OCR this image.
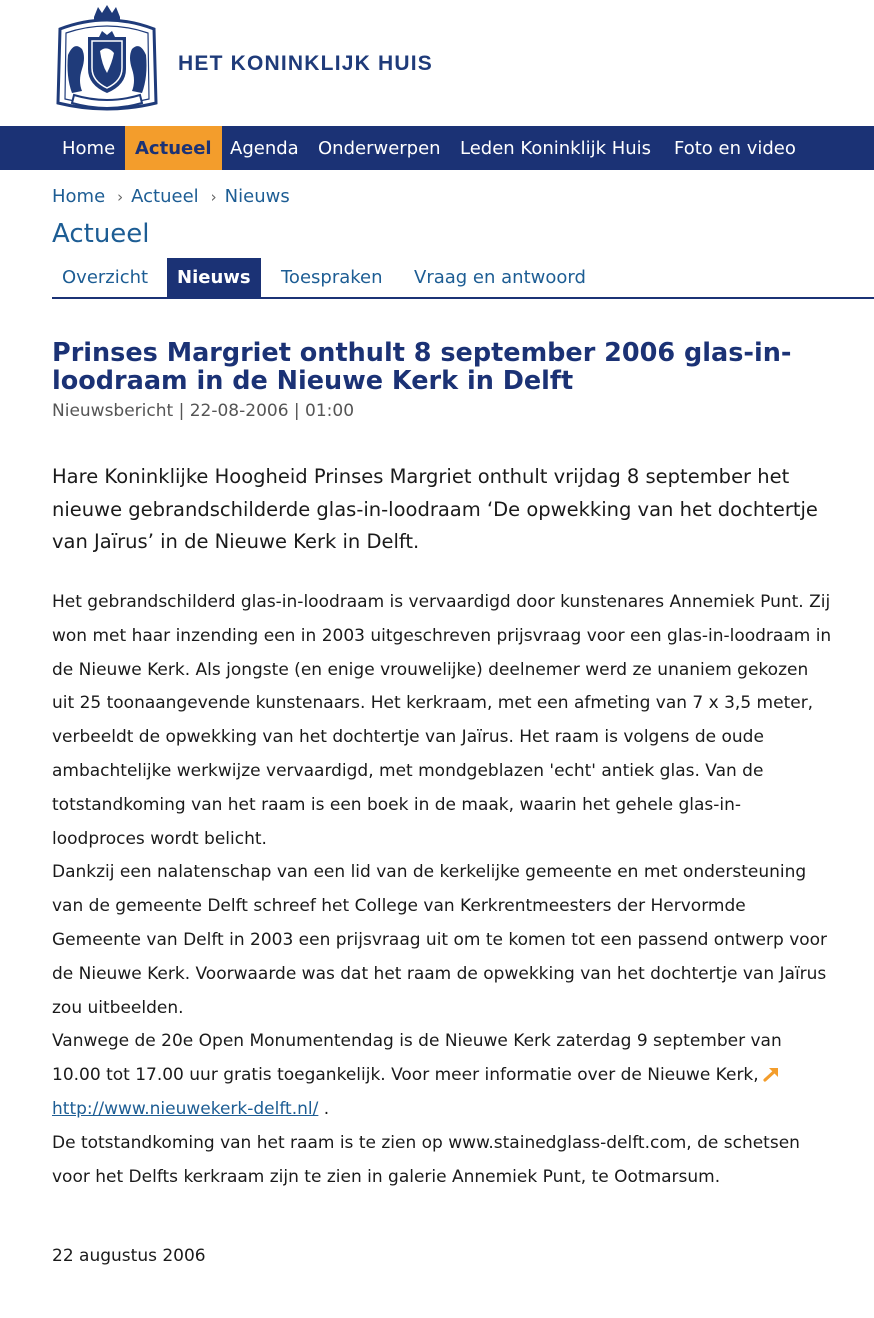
HET KONINKLIJK HUIS
Home	Actueel	Agenda	Onderwerpen	Leden Koninklijk Huis	Foto en video
Home › Actueel › Nieuws
Actueel
Overzicht	Nieuws	Toespraken	Vraag en antwoord
Prinses Margriet onthult 8 september 2006 glas-in-loodraam in de Nieuwe Kerk in Delft
Nieuwsbericht | 22-08-2006 | 01:00
Hare Koninklijke Hoogheid Prinses Margriet onthult vrijdag 8 september het nieuwe gebrandschilderde glas-in-loodraam ‘De opwekking van het dochtertje van Jaïrus’ in de Nieuwe Kerk in Delft.

Het gebrandschilderd glas-in-loodraam is vervaardigd door kunstenares Annemiek Punt. Zij won met haar inzending een in 2003 uitgeschreven prijsvraag voor een glas-in-loodraam in de Nieuwe Kerk. Als jongste (en enige vrouwelijke) deelnemer werd ze unaniem gekozen uit 25 toonaangevende kunstenaars. Het kerkraam, met een afmeting van 7 x 3,5 meter, verbeeldt de opwekking van het dochtertje van Jaïrus. Het raam is volgens de oude ambachtelijke werkwijze vervaardigd, met mondgeblazen 'echt' antiek glas. Van de totstandkoming van het raam is een boek in de maak, waarin het gehele glas-in-loodproces wordt belicht.

Dankzij een nalatenschap van een lid van de kerkelijke gemeente en met ondersteuning van de gemeente Delft schreef het College van Kerkrentmeesters der Hervormde Gemeente van Delft in 2003 een prijsvraag uit om te komen tot een passend ontwerp voor de Nieuwe Kerk. Voorwaarde was dat het raam de opwekking van het dochtertje van Jaïrus zou uitbeelden.

Vanwege de 20e Open Monumentendag is de Nieuwe Kerk zaterdag 9 september van 10.00 tot 17.00 uur gratis toegankelijk. Voor meer informatie over de Nieuwe Kerk,http://www.nieuwekerk-delft.nl/ .

De totstandkoming van het raam is te zien op www.stainedglass-delft.com, de schetsen voor het Delfts kerkraam zijn te zien in galerie Annemiek Punt, te Ootmarsum.

22 augustus 2006
